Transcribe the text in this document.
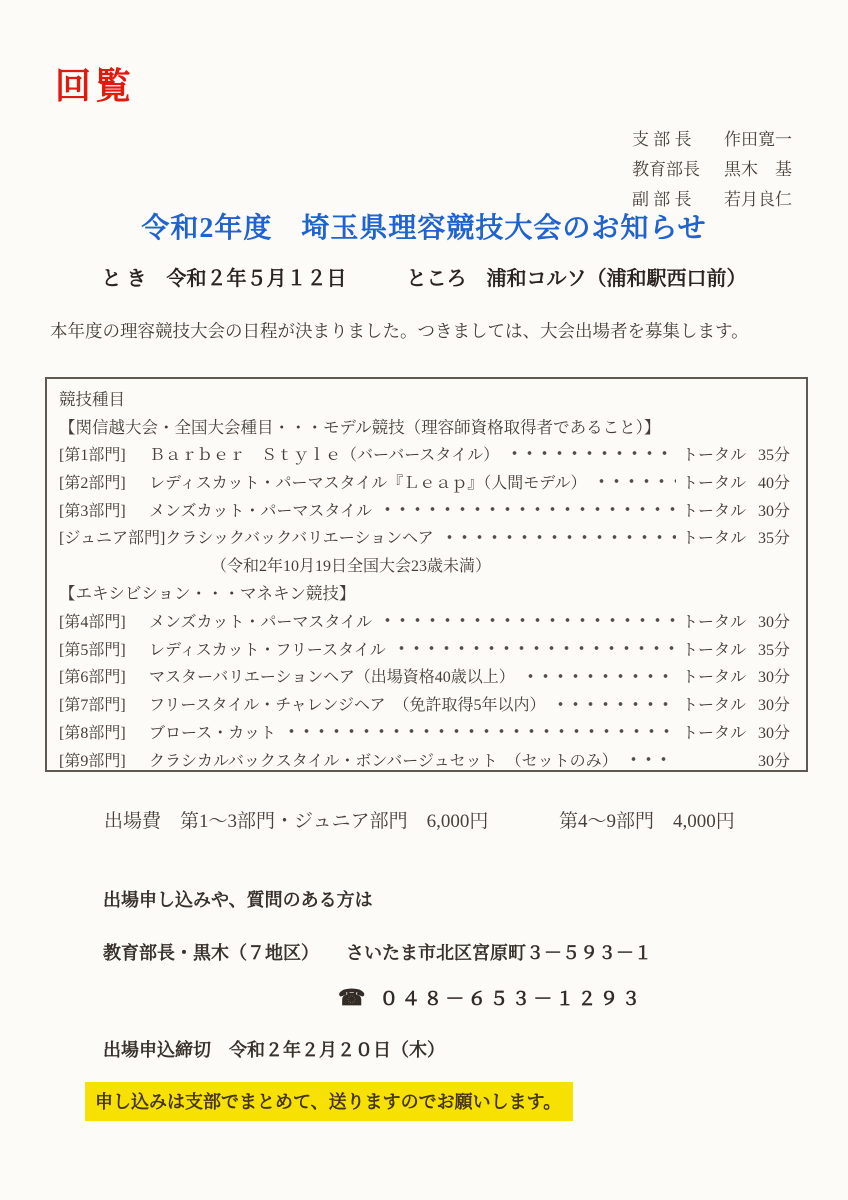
回覧
支 部 長	作田寛一
教育部長	黒木　基
副 部 長	若月良仁
令和2年度　埼玉県理容競技大会のお知らせ
と き　令和２年５月１２日　　　ところ　浦和コルソ（浦和駅西口前）
本年度の理容競技大会の日程が決まりました。つきましては、大会出場者を募集します。
競技種目
【関信越大会・全国大会種目・・・モデル競技（理容師資格取得者であること）】
[第1部門]	Ｂａｒｂｅｒ　Ｓｔｙｌｅ（バーバースタイル）	トータル 35分
[第2部門]	レディスカット・パーマスタイル『Ｌｅａｐ』（人間モデル）	トータル 40分
[第3部門]	メンズカット・パーマスタイル	トータル 30分
[ジュニア部門] クラシックバックバリエーションヘア	トータル 35分
（令和2年10月19日全国大会23歳未満）
【エキシビション・・・マネキン競技】
[第4部門]	メンズカット・パーマスタイル	トータル 30分
[第5部門]	レディスカット・フリースタイル	トータル 35分
[第6部門]	マスターバリエーションヘア（出場資格40歳以上）	トータル 30分
[第7部門]	フリースタイル・チャレンジヘア　（免許取得5年以内）	トータル 30分
[第8部門]	ブロース・カット	トータル 30分
[第9部門]	クラシカルバックスタイル・ボンバージュセット　（セットのみ）	30分
出場費　第1～3部門・ジュニア部門　6,000円	第4～9部門　4,000円
出場申し込みや、質問のある方は
教育部長・黒木（７地区）　　さいたま市北区宮原町３－５９３－１
☎ ０４８－６５３－１２９３
出場申込締切　令和２年２月２０日（木）
申し込みは支部でまとめて、送りますのでお願いします。
